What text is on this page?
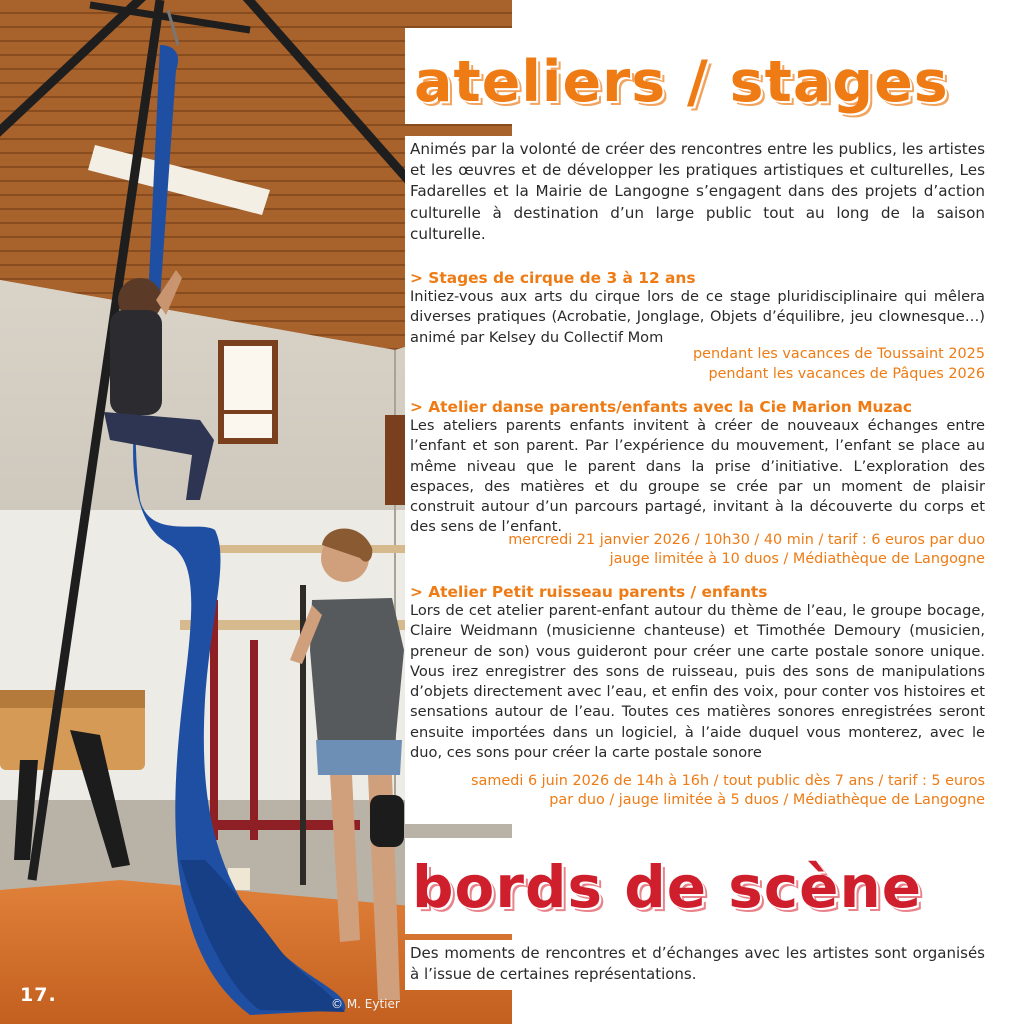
17.	© M. Eytier
ateliers / stages

Animés par la volonté de créer des rencontres entre les publics, les artistes et les œuvres et de développer les pratiques artistiques et culturelles, Les Fadarelles et la Mairie de Langogne s’engagent dans des projets d’action culturelle à destination d’un large public tout au long de la saison culturelle.

> Stages de cirque de 3 à 12 ans

Initiez-vous aux arts du cirque lors de ce stage pluridisciplinaire qui mêlera diverses pratiques (Acrobatie, Jonglage, Objets d’équilibre, jeu clownesque…) animé par Kelsey du Collectif Mom

pendant les vacances de Toussaint 2025

pendant les vacances de Pâques 2026

> Atelier danse parents/enfants avec la Cie Marion Muzac

Les ateliers parents enfants invitent à créer de nouveaux échanges entre l’enfant et son parent. Par l’expérience du mouvement, l’enfant se place au même niveau que le parent dans la prise d’initiative. L’exploration des espaces, des matières et du groupe se crée par un moment de plaisir construit autour d’un parcours partagé, invitant à la découverte du corps et des sens de l’enfant.

mercredi 21 janvier 2026 / 10h30 / 40 min / tarif : 6 euros par duo

jauge limitée à 10 duos / Médiathèque de Langogne

> Atelier Petit ruisseau parents / enfants

Lors de cet atelier parent-enfant autour du thème de l’eau, le groupe bocage, Claire Weidmann (musicienne chanteuse) et Timothée Demoury (musicien, preneur de son) vous guideront pour créer une carte postale sonore unique. Vous irez enregistrer des sons de ruisseau, puis des sons de manipulations d’objets directement avec l’eau, et enfin des voix, pour conter vos histoires et sensations autour de l’eau. Toutes ces matières sonores enregistrées seront ensuite importées dans un logiciel, à l’aide duquel vous monterez, avec le duo, ces sons pour créer la carte postale sonore

samedi 6 juin 2026 de 14h à 16h / tout public dès 7 ans / tarif : 5 euros

par duo / jauge limitée à 5 duos / Médiathèque de Langogne

bords de scène

Des moments de rencontres et d’échanges avec les artistes sont organisés à l’issue de certaines représentations.
